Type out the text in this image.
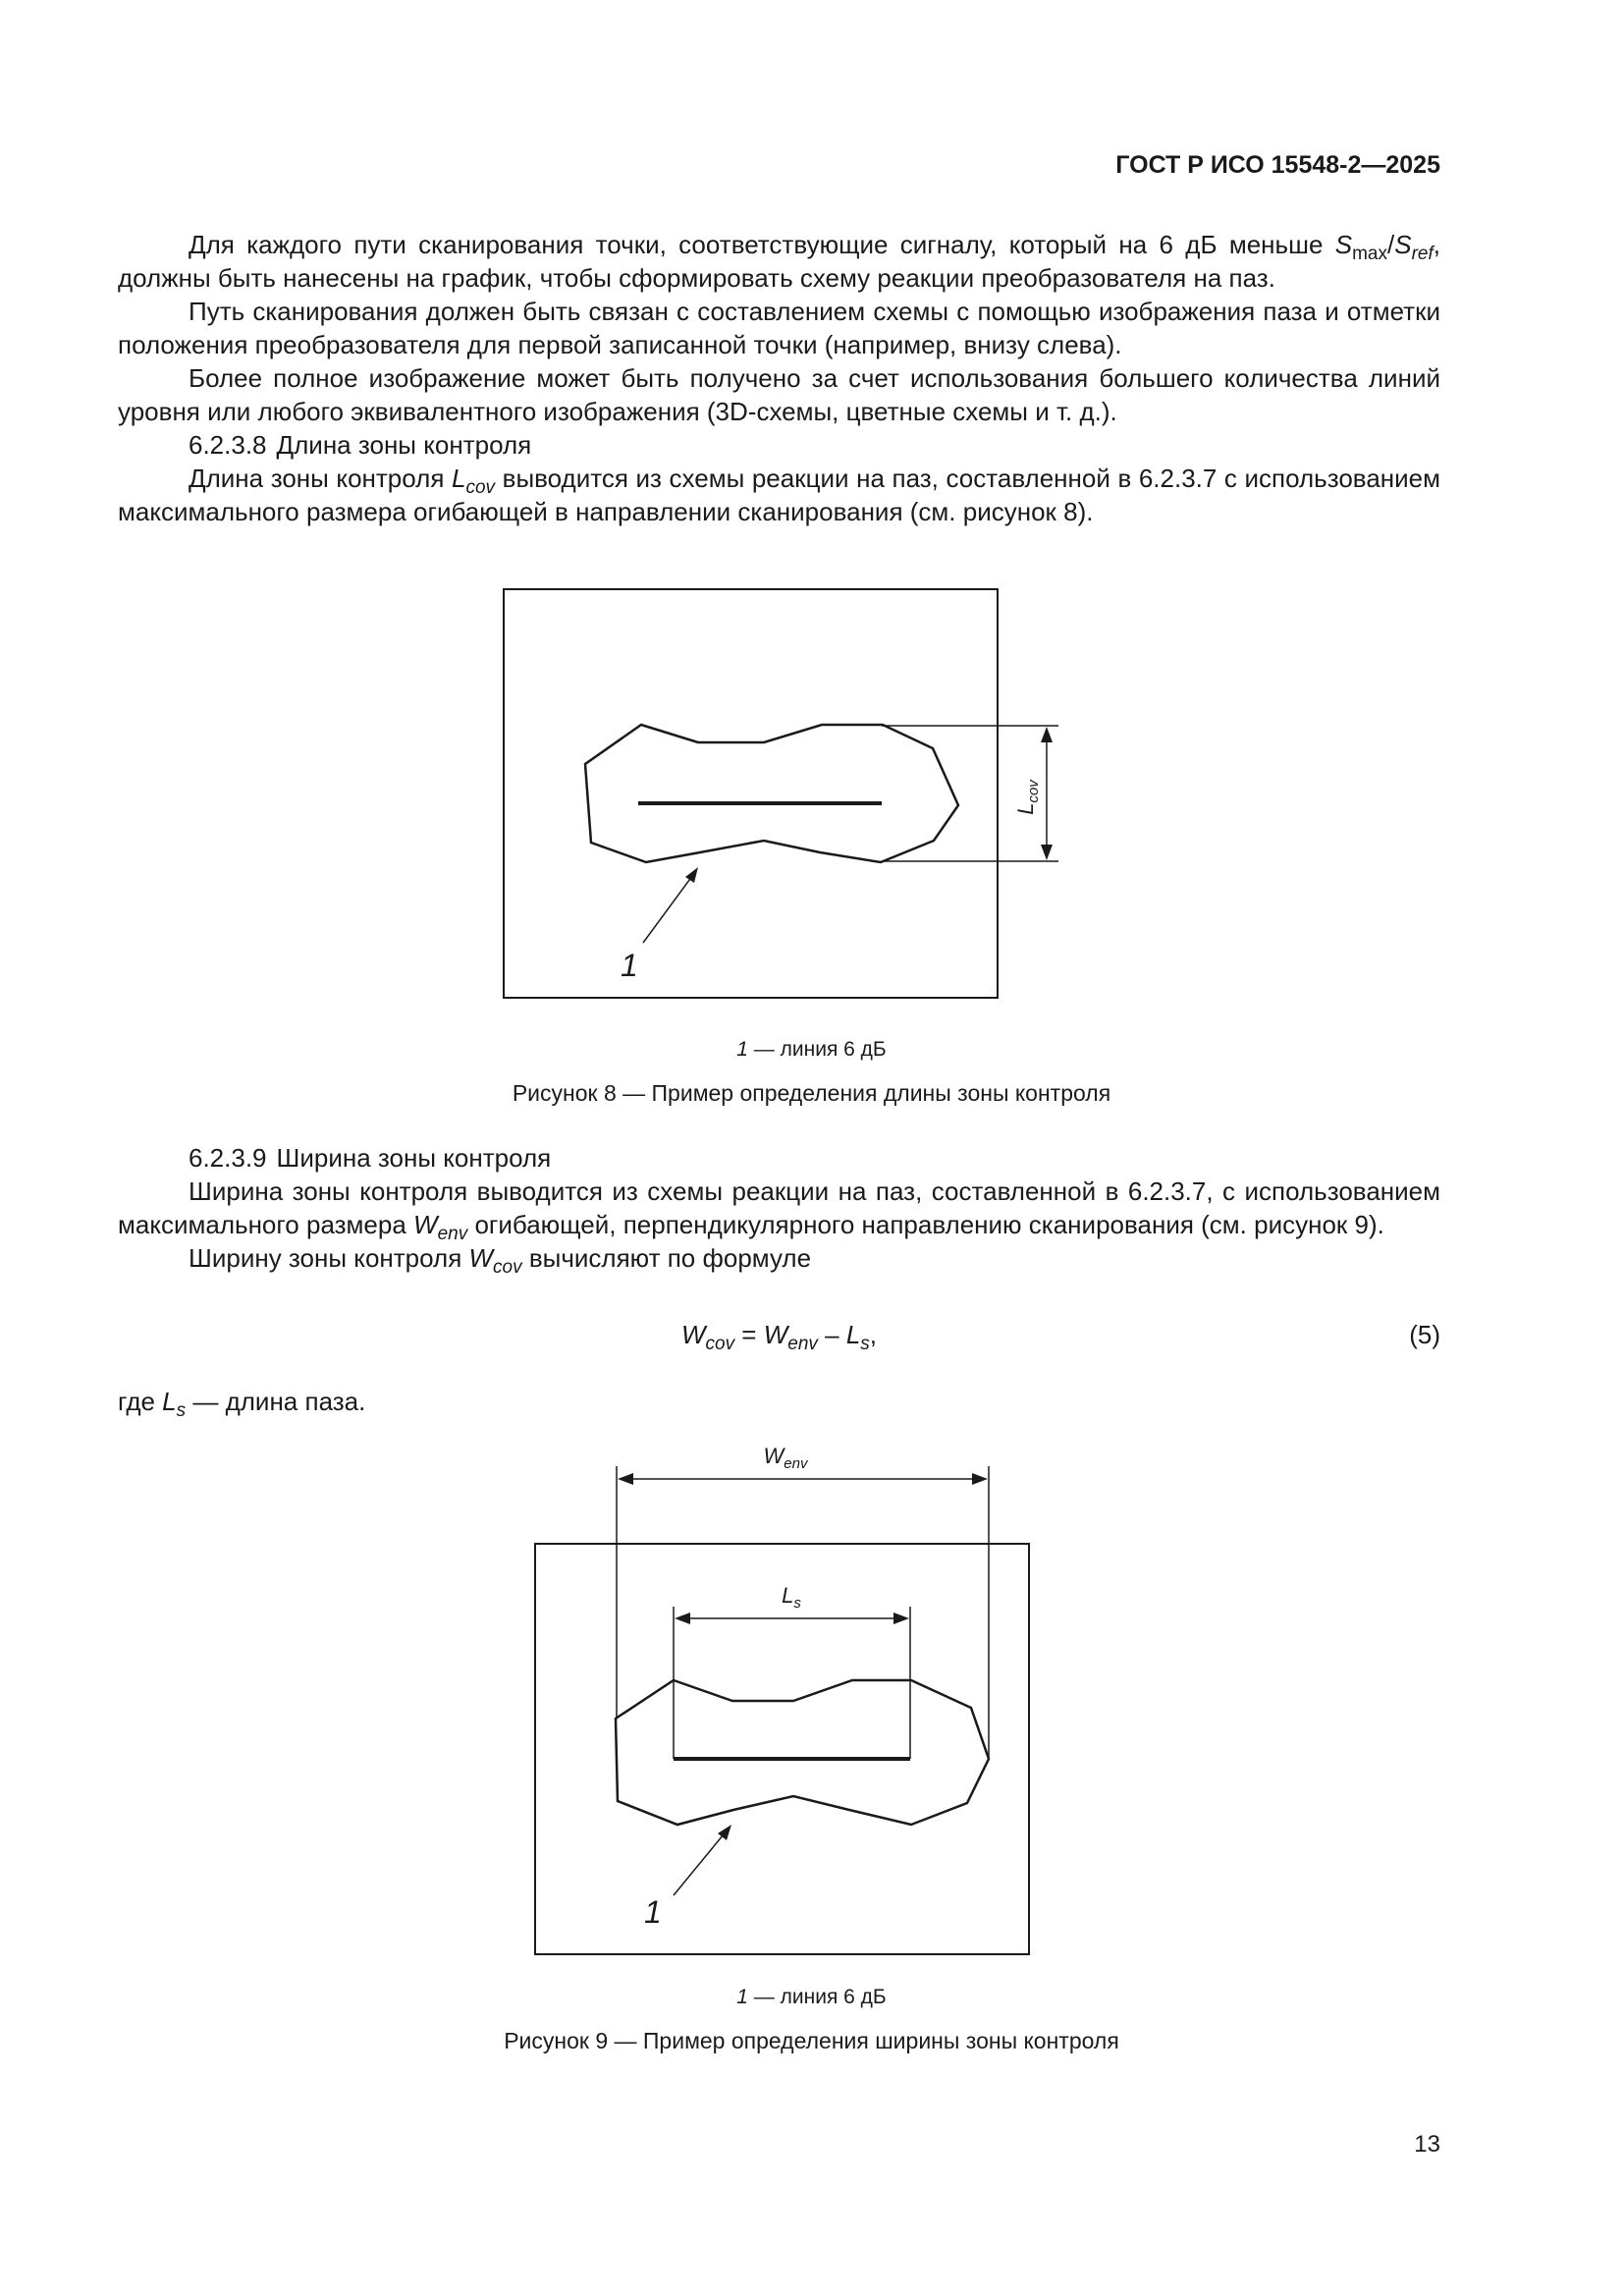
ГОСТ Р ИСО 15548-2—2025

Для каждого пути сканирования точки, соответствующие сигналу, который на 6 дБ меньше $S_{max}/S_{ref}$, должны быть нанесены на график, чтобы сформировать схему реакции преобразователя на паз.

Путь сканирования должен быть связан с составлением схемы с помощью изображения паза и отметки положения преобразователя для первой записанной точки (например, внизу слева).

Более полное изображение может быть получено за счет использования большего количества линий уровня или любого эквивалентного изображения (3D-схемы, цветные схемы и т. д.).

6.2.3.8 Длина зоны контроля

Длина зоны контроля $L_{cov}$ выводится из схемы реакции на паз, составленной в 6.2.3.7 с использованием максимального размера огибающей в направлении сканирования (см. рисунок 8).

$L_{cov}$
1
1 — линия 6 дБ
Рисунок 8 — Пример определения длины зоны контроля

6.2.3.9 Ширина зоны контроля

Ширина зоны контроля выводится из схемы реакции на паз, составленной в 6.2.3.7, с использованием максимального размера $W_{env}$ огибающей, перпендикулярного направлению сканирования (см. рисунок 9).

Ширину зоны контроля $W_{cov}$ вычисляют по формуле

$W_{cov} = W_{env} - L_s$,	(5)

где $L_s$ — длина паза.

$W_{env}$
$L_s$
1
1 — линия 6 дБ
Рисунок 9 — Пример определения ширины зоны контроля
13
